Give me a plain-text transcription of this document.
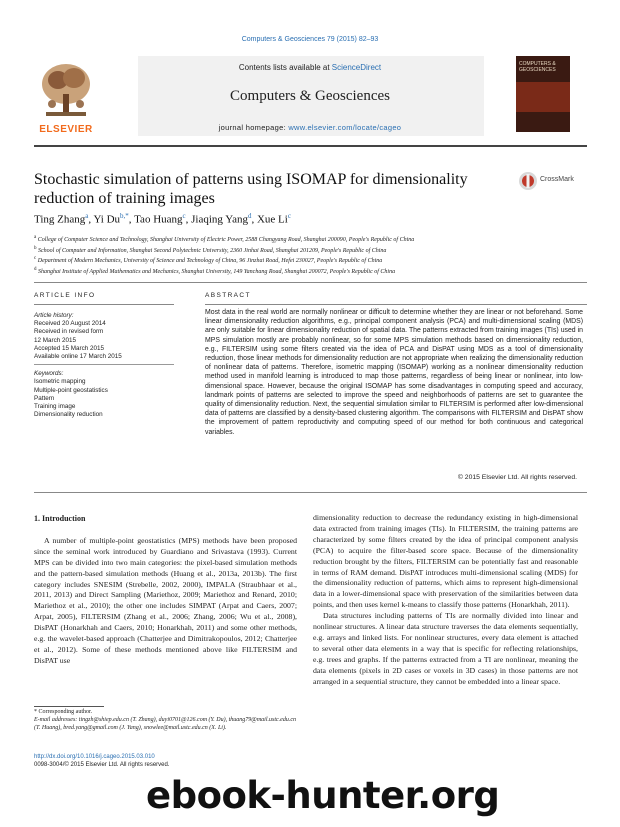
Computers & Geosciences 79 (2015) 82–93
ELSEVIER
Contents lists available at ScienceDirect
Computers & Geosciences
journal homepage: www.elsevier.com/locate/cageo
COMPUTERS & GEOSCIENCES
Stochastic simulation of patterns using ISOMAP for dimensionality reduction of training images
CrossMark
Ting Zhang$^a$, Yi $Du^{b,*}$, Tao Huang$^c$, Jiaqing Yang$^d$, Xue Li$^c$
$^a$ College of Computer Science and Technology, Shanghai University of Electric Power, 2588 Changyang Road, Shanghai 200090, People's Republic of China
$^b$ School of Computer and Information, Shanghai Second Polytechnic University, 2360 Jinhai Road, Shanghai 201209, People's Republic of China
$^c$ Department of Modern Mechanics, University of Science and Technology of China, 96 Jinzhai Road, Hefei 230027, People's Republic of China
$^d$ Shanghai Institute of Applied Mathematics and Mechanics, Shanghai University, 149 Yanchang Road, Shanghai 200072, People's Republic of China
ARTICLE INFO	ABSTRACT
Article history:
Received 20 August 2014
Received in revised form
12 March 2015
Accepted 15 March 2015
Available online 17 March 2015
Keywords:
Isometric mapping
Multiple-point geostatistics
Pattern
Training image
Dimensionality reduction
Most data in the real world are normally nonlinear or difficult to determine whether they are linear or not beforehand. Some linear dimensionality reduction algorithms, e.g., principal component analysis (PCA) and multi-dimensional scaling (MDS) are only suitable for linear dimensionality reduction of spatial data. The patterns extracted from training images (TIs) used in MPS simulation mostly are probably nonlinear, so for some MPS simulation methods based on dimensionality reduction, e.g., FILTERSIM using some filters created via the idea of PCA and DisPAT using MDS as a tool of dimensionality reduction, those linear methods for dimensionality reduction are not appropriate when realizing the dimensionality reduction of nonlinear data of patterns. Therefore, isometric mapping (ISOMAP) working as a nonlinear dimensionality reduction method used in manifold learning is introduced to map those patterns, regardless of being linear or nonlinear, into low-dimensional space. However, because the original ISOMAP has some disadvantages in computing speed and accuracy, landmark points of patterns are selected to improve the speed and neighborhoods of patterns are set to guarantee the quality of dimensionality reduction. Next, the sequential simulation similar to FILTERSIM is performed after low-dimensional data of patterns are classified by a density-based clustering algorithm. The comparisons with FILTERSIM and DisPAT show the improvement of pattern reproductivity and computing speed of our method for both continuous and categorical variables.
© 2015 Elsevier Ltd. All rights reserved.
1. Introduction

A number of multiple-point geostatistics (MPS) methods have been proposed since the seminal work introduced by Guardiano and Srivastava (1993). Current MPS can be divided into two main categories: the pixel-based simulation methods and the pattern-based simulation methods (Huang et al., 2013a, 2013b). The first category includes SNESIM (Strebelle, 2002, 2000), IMPALA (Straubhaar et al., 2011, 2013) and Direct Sampling (Mariethoz, 2009; Mariethoz and Renard, 2010; Mariethoz et al., 2010); the other one includes SIMPAT (Arpat and Caers, 2007; Arpat, 2005), FILTERSIM (Zhang et al., 2006; Zhang, 2006; Wu et al., 2008), DisPAT (Honarkhah and Caers, 2010; Honarkhah, 2011) and some other methods, e.g. the wavelet-based approach (Chatterjee and Dimitrakopoulos, 2012; Chatterjee et al., 2012). Some of these methods mentioned above like FILTERSIM and DisPAT use

dimensionality reduction to decrease the redundancy existing in high-dimensional data extracted from training images (TIs). In FILTERSIM, the training patterns are characterized by some filters created by the idea of principal component analysis (PCA) to acquire the filter-based score space. Because of the dimensionality reduction brought by the filters, FILTERSIM can be potentially fast and reasonable in terms of RAM demand. DisPAT introduces multi-dimensional scaling (MDS) for the dimensionality reduction of patterns, which aims to represent high-dimensional data in a lower-dimensional space with preservation of the similarities between data points, and then uses kernel k-means to classify those patterns (Honarkhah, 2011).

Data structures including patterns of TIs are normally divided into linear and nonlinear structures. A linear data structure traverses the data elements sequentially, e.g. arrays and linked lists. For nonlinear structures, every data element is attached to several other data elements in a way that is specific for reflecting relationships, e.g. trees and graphs. If the patterns extracted from a TI are nonlinear, meaning the data elements (pixels in 2D cases or voxels in 3D cases) in those patterns are not arranged in a sequential structure, they cannot be embedded into a linear space.

* Corresponding author.
E-mail addresses: tingzh@shiep.edu.cn (T. Zhang), duyi0701@126.com (Y. Du), thuang79@mail.ustc.edu.cn (T. Huang), bred.yang@gmail.com (J. Yang), snowlee@mail.ustc.edu.cn (X. Li).
http://dx.doi.org/10.1016/j.cageo.2015.03.010
0098-3004/© 2015 Elsevier Ltd. All rights reserved.
ebook-hunter.org
